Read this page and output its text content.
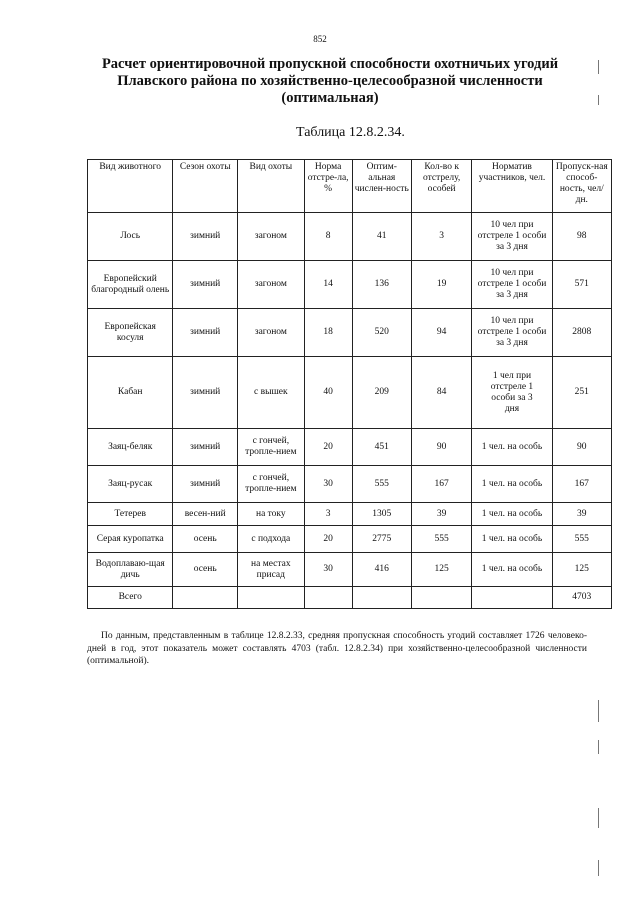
852
Расчет ориентировочной пропускной способности охотничьих угодий
Плавского района по хозяйственно-целесообразной численности
(оптимальная)
Таблица 12.8.2.34.
Вид животного	Сезон охоты	Вид охоты	Норма отстре-ла, %	Оптим-альная числен-ность	Кол-во к отстрелу, особей	Норматив участников, чел.	Пропуск-ная способ-ность, чел/дн.
Лось	зимний	загоном	8	41	3	10 чел при отстреле 1 особи за 3 дня	98
Европейский благородный олень	зимний	загоном	14	136	19	10 чел при отстреле 1 особи за 3 дня	571
Европейская косуля	зимний	загоном	18	520	94	10 чел при отстреле 1 особи за 3 дня	2808
Кабан	зимний	с вышек	40	209	84	1 чел при отстреле 1 особи за 3 дня	251
Заяц-беляк	зимний	с гончей, тропле-нием	20	451	90	1 чел. на особь	90
Заяц-русак	зимний	с гончей, тропле-нием	30	555	167	1 чел. на особь	167
Тетерев	весен-ний	на току	3	1305	39	1 чел. на особь	39
Серая куропатка	осень	с подхода	20	2775	555	1 чел. на особь	555
Водоплаваю-щая дичь	осень	на местах присад	30	416	125	1 чел. на особь	125
Всего							4703
По данным, представленным в таблице 12.8.2.33, средняя пропускная способность угодий составляет 1726 человеко-дней в год, этот показатель может составлять 4703 (табл. 12.8.2.34) при хозяйственно-целесообразной численности (оптимальной).
